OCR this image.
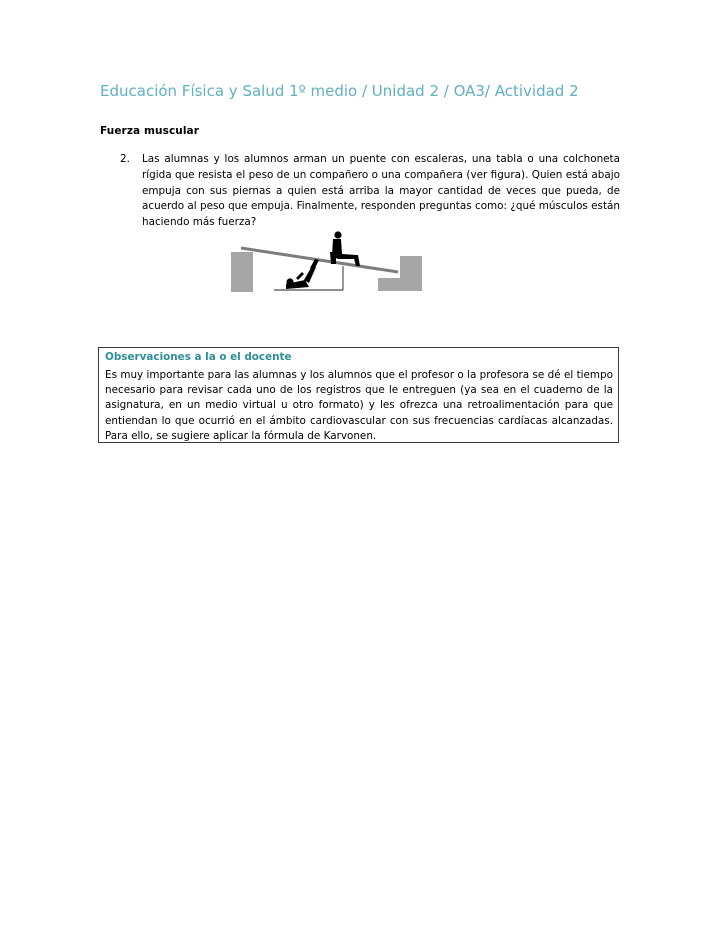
Educación Física y Salud 1º medio / Unidad 2 / OA3/ Actividad 2
Fuerza muscular
2. Las alumnas y los alumnos arman un puente con escaleras, una tabla o una colchoneta rígida que resista el peso de un compañero o una compañera (ver figura). Quien está abajo empuja con sus piernas a quien está arriba la mayor cantidad de veces que pueda, de acuerdo al peso que empuja. Finalmente, responden preguntas como: ¿qué músculos están haciendo más fuerza?
Observaciones a la o el docente
Es muy importante para las alumnas y los alumnos que el profesor o la profesora se dé el tiempo necesario para revisar cada uno de los registros que le entreguen (ya sea en el cuaderno de la asignatura, en un medio virtual u otro formato) y les ofrezca una retroalimentación para que entiendan lo que ocurrió en el ámbito cardiovascular con sus frecuencias cardíacas alcanzadas. Para ello, se sugiere aplicar la fórmula de Karvonen.
